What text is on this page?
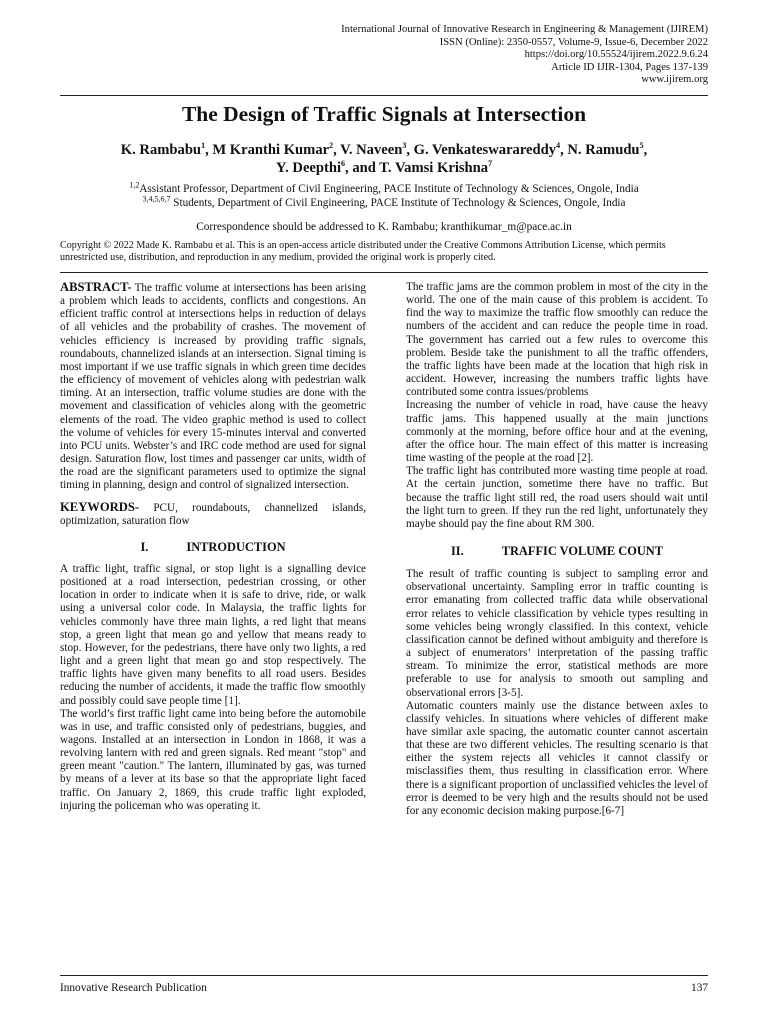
International Journal of Innovative Research in Engineering & Management (IJIREM)
ISSN (Online): 2350-0557, Volume-9, Issue-6, December 2022
https://doi.org/10.55524/ijirem.2022.9.6.24
Article ID IJIR-1304, Pages 137-139
www.ijirem.org
The Design of Traffic Signals at Intersection
K. Rambabu$^1$, M Kranthi Kumar$^2$, V. Naveen$^3$, G. Venkateswarareddy$^4$, N. Ramudu$^5$,
Y. Deepthi$^6$, and T. Vamsi Krishna$^7$
$^{1,2}$Assistant Professor, Department of Civil Engineering, PACE Institute of Technology & Sciences, Ongole, India
$^{3,4,5,6,7}$ Students, Department of Civil Engineering, PACE Institute of Technology & Sciences, Ongole, India
Correspondence should be addressed to K. Rambabu; kranthikumar_m@pace.ac.in
Copyright © 2022 Made K. Rambabu et al. This is an open-access article distributed under the Creative Commons Attribution License, which permits unrestricted use, distribution, and reproduction in any medium, provided the original work is properly cited.

ABSTRACT- The traffic volume at intersections has been arising a problem which leads to accidents, conflicts and congestions. An efficient traffic control at intersections helps in reduction of delays of all vehicles and the probability of crashes. The movement of vehicles efficiency is increased by providing traffic signals, roundabouts, channelized islands at an intersection. Signal timing is most important if we use traffic signals in which green time decides the efficiency of movement of vehicles along with pedestrian walk timing. At an intersection, traffic volume studies are done with the movement and classification of vehicles along with the geometric elements of the road. The video graphic method is used to collect the volume of vehicles for every 15-minutes interval and converted into PCU units. Webster’s and IRC code method are used for signal design. Saturation flow, lost times and passenger car units, width of the road are the significant parameters used to optimize the signal timing in planning, design and control of signalized intersection.

KEYWORDS- PCU, roundabouts, channelized islands, optimization, saturation flow

I.	INTRODUCTION

A traffic light, traffic signal, or stop light is a signalling device positioned at a road intersection, pedestrian crossing, or other location in order to indicate when it is safe to drive, ride, or walk using a universal color code. In Malaysia, the traffic lights for vehicles commonly have three main lights, a red light that means stop, a green light that mean go and yellow that means ready to stop. However, for the pedestrians, there have only two lights, a red light and a green light that mean go and stop respectively. The traffic lights have given many benefits to all road users. Besides reducing the number of accidents, it made the traffic flow smoothly and possibly could save people time [1].

The world’s first traffic light came into being before the automobile was in use, and traffic consisted only of pedestrians, buggies, and wagons. Installed at an intersection in London in 1868, it was a revolving lantern with red and green signals. Red meant "stop" and green meant "caution." The lantern, illuminated by gas, was turned by means of a lever at its base so that the appropriate light faced traffic. On January 2, 1869, this crude traffic light exploded, injuring the policeman who was operating it.

The traffic jams are the common problem in most of the city in the world. The one of the main cause of this problem is accident. To find the way to maximize the traffic flow smoothly can reduce the numbers of the accident and can reduce the people time in road. The government has carried out a few rules to overcome this problem. Beside take the punishment to all the traffic offenders, the traffic lights have been made at the location that high risk in accident. However, increasing the numbers traffic lights have contributed some contra issues/problems

Increasing the number of vehicle in road, have cause the heavy traffic jams. This happened usually at the main junctions commonly at the morning, before office hour and at the evening, after the office hour. The main effect of this matter is increasing time wasting of the people at the road [2].

The traffic light has contributed more wasting time people at road. At the certain junction, sometime there have no traffic. But because the traffic light still red, the road users should wait until the light turn to green. If they run the red light, unfortunately they maybe should pay the fine about RM 300.

II.	TRAFFIC VOLUME COUNT

The result of traffic counting is subject to sampling error and observational uncertainty. Sampling error in traffic counting is error emanating from collected traffic data while observational error relates to vehicle classification by vehicle types resulting in some vehicles being wrongly classified. In this context, vehicle classification cannot be defined without ambiguity and therefore is a subject of enumerators’ interpretation of the passing traffic stream. To minimize the error, statistical methods are more preferable to use for analysis to smooth out sampling and observational errors [3-5].

Automatic counters mainly use the distance between axles to classify vehicles. In situations where vehicles of different make have similar axle spacing, the automatic counter cannot ascertain that these are two different vehicles. The resulting scenario is that either the system rejects all vehicles it cannot classify or misclassifies them, thus resulting in classification error. Where there is a significant proportion of unclassified vehicles the level of error is deemed to be very high and the results should not be used for any economic decision making purpose.[6-7]

Innovative Research Publication	137
